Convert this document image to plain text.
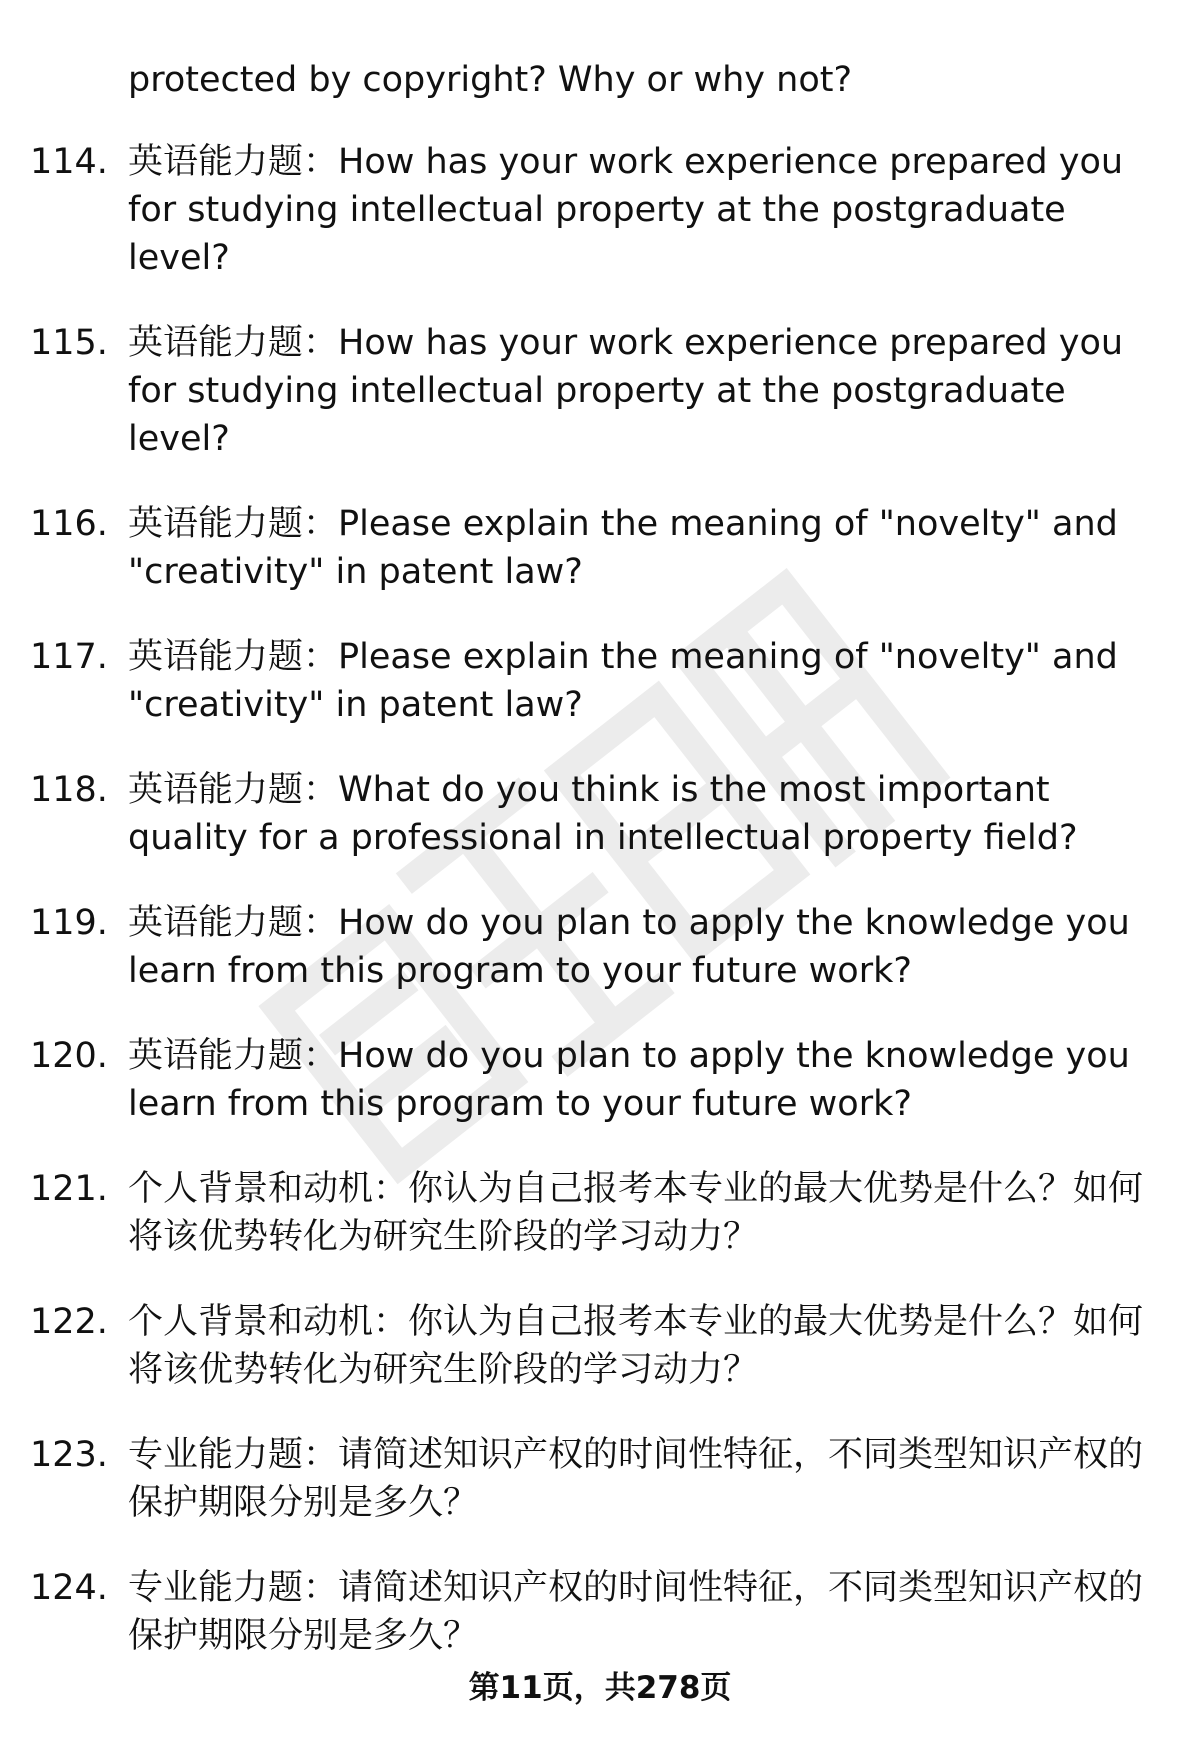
protected by copyright? Why or why not?

114. 英语能力题：How has your work experience prepared you for studying intellectual property at the postgraduate level?
115. 英语能力题：How has your work experience prepared you for studying intellectual property at the postgraduate level?
116. 英语能力题：Please explain the meaning of "novelty" and "creativity" in patent law?
117. 英语能力题：Please explain the meaning of "novelty" and "creativity" in patent law?
118. 英语能力题：What do you think is the most important quality for a professional in intellectual property field?
119. 英语能力题：How do you plan to apply the knowledge you learn from this program to your future work?
120. 英语能力题：How do you plan to apply the knowledge you learn from this program to your future work?
121. 个人背景和动机：你认为自己报考本专业的最大优势是什么？如何将该优势转化为研究生阶段的学习动力？
122. 个人背景和动机：你认为自己报考本专业的最大优势是什么？如何将该优势转化为研究生阶段的学习动力？
123. 专业能力题：请简述知识产权的时间性特征，不同类型知识产权的保护期限分别是多久？
124. 专业能力题：请简述知识产权的时间性特征，不同类型知识产权的保护期限分别是多久？
第11页，共278页
